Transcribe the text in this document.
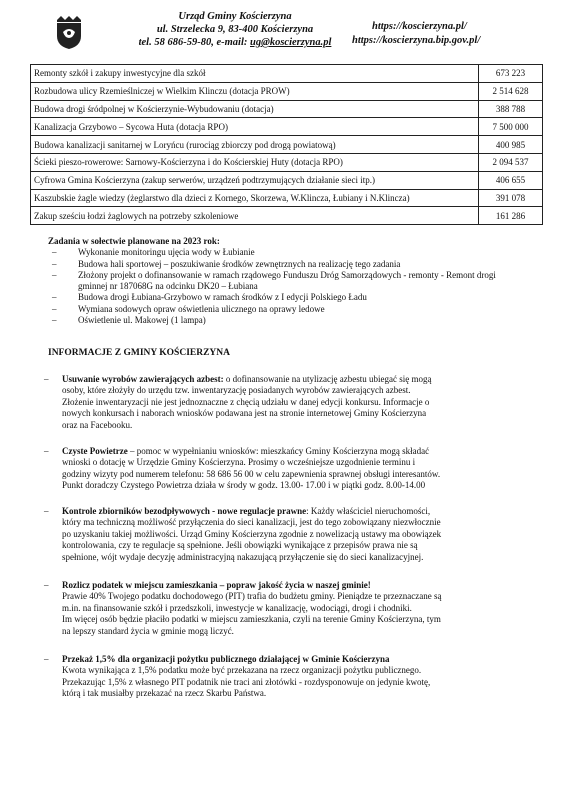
Urząd Gminy Kościerzyna
ul. Strzelecka 9, 83-400 Kościerzyna
tel. 58 686-59-80, e-mail: ug@koscierzyna.pl
https://koscierzyna.pl/
https://koscierzyna.bip.gov.pl/
Remonty szkół i zakupy inwestycyjne dla szkół	673 223
Rozbudowa ulicy Rzemieślniczej w Wielkim Klinczu (dotacja PROW)	2 514 628
Budowa drogi śródpolnej w Kościerzynie-Wybudowaniu (dotacja)	388 788
Kanalizacja Grzybowo – Sycowa Huta (dotacja RPO)	7 500 000
Budowa kanalizacji sanitarnej w Loryńcu (rurociąg zbiorczy pod drogą powiatową)	400 985
Ścieki pieszo-rowerowe: Sarnowy-Kościerzyna i do Kościerskiej Huty (dotacja RPO)	2 094 537
Cyfrowa Gmina Kościerzyna (zakup serwerów, urządzeń podtrzymujących działanie sieci itp.)	406 655
Kaszubskie żagle wiedzy (żeglarstwo dla dzieci z Kornego, Skorzewa, W.Klincza, Łubiany i N.Klincza)	391 078
Zakup sześciu łodzi żaglowych na potrzeby szkoleniowe	161 286

Zadania w sołectwie planowane na 2023 rok:

– Wykonanie monitoringu ujęcia wody w Łubianie
– Budowa hali sportowej – poszukiwanie środków zewnętrznych na realizację tego zadania
– Złożony projekt o dofinansowanie w ramach rządowego Funduszu Dróg Samorządowych - remonty - Remont drogi gminnej nr 187068G na odcinku DK20 – Łubiana
– Budowa drogi Łubiana-Grzybowo w ramach środków z I edycji Polskiego Ładu
– Wymiana sodowych opraw oświetlenia ulicznego na oprawy ledowe
– Oświetlenie ul. Makowej (1 lampa)
INFORMACJE Z GMINY KOŚCIERZYNA
–	Usuwanie wyrobów zawierających azbest: o dofinansowanie na utylizację azbestu ubiegać się mogą
osoby, które złożyły do urzędu tzw. inwentaryzację posiadanych wyrobów zawierających azbest.
Złożenie inwentaryzacji nie jest jednoznaczne z chęcią udziału w danej edycji konkursu. Informacje o
nowych konkursach i naborach wniosków podawana jest na stronie internetowej Gminy Kościerzyna
oraz na Facebooku.
–	Czyste Powietrze – pomoc w wypełnianiu wniosków: mieszkańcy Gminy Kościerzyna mogą składać
wnioski o dotację w Urzędzie Gminy Kościerzyna. Prosimy o wcześniejsze uzgodnienie terminu i
godziny wizyty pod numerem telefonu: 58 686 56 00 w celu zapewnienia sprawnej obsługi interesantów.
Punkt doradczy Czystego Powietrza działa w środy w godz. 13.00- 17.00 i w piątki godz. 8.00-14.00
–	Kontrole zbiorników bezodpływowych - nowe regulacje prawne: Każdy właściciel nieruchomości,
który ma techniczną możliwość przyłączenia do sieci kanalizacji, jest do tego zobowiązany niezwłocznie
po uzyskaniu takiej możliwości. Urząd Gminy Kościerzyna zgodnie z nowelizacją ustawy ma obowiązek
kontrolowania, czy te regulacje są spełnione. Jeśli obowiązki wynikające z przepisów prawa nie są
spełnione, wójt wydaje decyzję administracyjną nakazującą przyłączenie się do sieci kanalizacyjnej.
–	Rozlicz podatek w miejscu zamieszkania – popraw jakość życia w naszej gminie!
Prawie 40% Twojego podatku dochodowego (PIT) trafia do budżetu gminy. Pieniądze te przeznaczane są
m.in. na finansowanie szkół i przedszkoli, inwestycje w kanalizację, wodociągi, drogi i chodniki.
Im więcej osób będzie płaciło podatki w miejscu zamieszkania, czyli na terenie Gminy Kościerzyna, tym
na lepszy standard życia w gminie mogą liczyć.
–	Przekaż 1,5% dla organizacji pożytku publicznego działającej w Gminie Kościerzyna
Kwota wynikająca z 1,5% podatku może być przekazana na rzecz organizacji pożytku publicznego.
Przekazując 1,5% z własnego PIT podatnik nie traci ani złotówki - rozdysponowuje on jedynie kwotę,
którą i tak musiałby przekazać na rzecz Skarbu Państwa.
